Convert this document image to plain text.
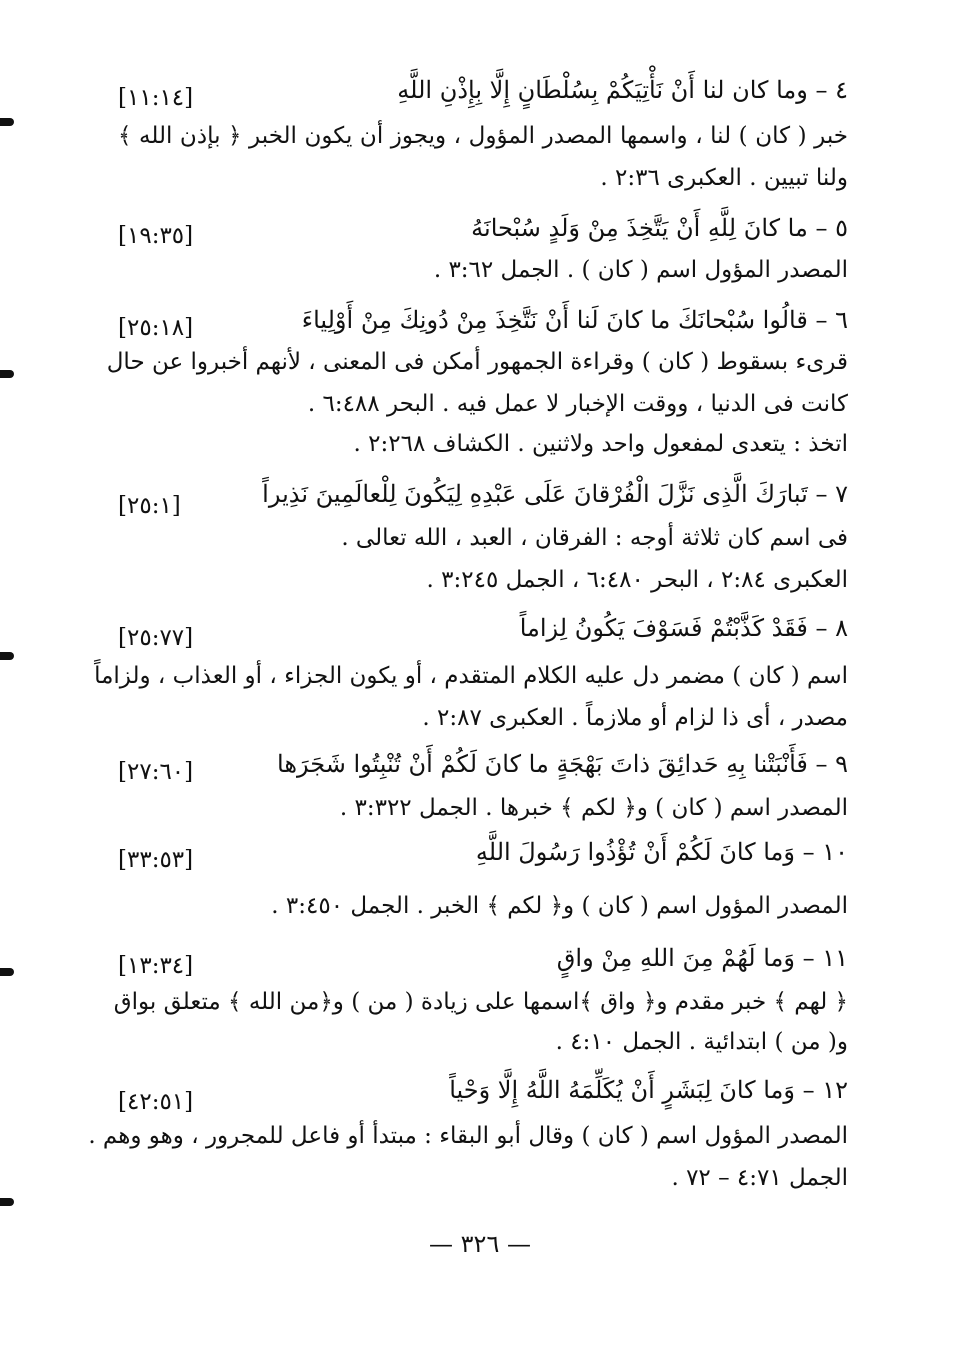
٤ – وما كان لنا أَنْ نَأْتِيَكُمْ بِسُلْطَانٍ إِلَّا بِإِذْنِ اللَّهِ
[١١:١٤]
خبر ( كان ) لنا ، واسمها المصدر المؤول ، ويجوز أن يكون الخبر ﴿ بإذن الله ﴾
ولنا تبيين . العكبرى ٢:٣٦ .
٥ – ما كانَ لِلَّهِ أَنْ يَتَّخِذَ مِنْ وَلَدٍ سُبْحانَهُ
[١٩:٣٥]
المصدر المؤول اسم ( كان ) . الجمل ٣:٦٢ .
٦ – قالُوا سُبْحانَكَ ما كانَ لَنا أَنْ نَتَّخِذَ مِنْ دُونِكَ مِنْ أَوْلِياءَ
[٢٥:١٨]
قرىء بسقوط ( كان ) وقراءة الجمهور أمكن فى المعنى ، لأنهم أخبروا عن حال
كانت فى الدنيا ، ووقت الإخبار لا عمل فيه . البحر ٦:٤٨٨ .
اتخذ : يتعدى لمفعول واحد ولاثنين . الكشاف ٢:٢٦٨ .
٧ – تَبارَكَ الَّذِى نَزَّلَ الْفُرْقانَ عَلَى عَبْدِهِ لِيَكُونَ لِلْعالَمِينَ نَذِيراً
[٢٥:١]
فى اسم كان ثلاثة أوجه : الفرقان ، العبد ، الله تعالى .
العكبرى ٢:٨٤ ، البحر ٦:٤٨٠ ، الجمل ٣:٢٤٥ .
٨ – فَقَدْ كَذَّبْتُمْ فَسَوْفَ يَكُونُ لِزاماً
[٢٥:٧٧]
اسم ( كان ) مضمر دل عليه الكلام المتقدم ، أو يكون الجزاء ، أو العذاب ، ولزاماً
مصدر ، أى ذا لزام أو ملازماً . العكبرى ٢:٨٧ .
٩ – فَأَنْبَتْنا بِهِ حَدائِقَ ذاتَ بَهْجَةٍ ما كانَ لَكُمْ أَنْ تُنْبِتُوا شَجَرَها
[٢٧:٦٠]
المصدر اسم ( كان ) و﴿ لكم ﴾ خبرها . الجمل ٣:٣٢٢ .
١٠ – وَما كانَ لَكُمْ أَنْ تُؤْذُوا رَسُولَ اللَّهِ
[٣٣:٥٣]
المصدر المؤول اسم ( كان ) و﴿ لكم ﴾ الخبر . الجمل ٣:٤٥٠ .
١١ – وَما لَهُمْ مِنَ اللهِ مِنْ واقٍ
[١٣:٣٤]
﴿ لهم ﴾ خبر مقدم و﴿ واق ﴾اسمها على زيادة ( من ) و﴿من الله ﴾ متعلق بواق
و( من ) ابتدائية . الجمل ٤:١٠ .
١٢ – وَما كانَ لِبَشَرٍ أَنْ يُكَلِّمَهُ اللَّهُ إِلَّا وَحْياً
[٤٢:٥١]
المصدر المؤول اسم ( كان ) وقال أبو البقاء : مبتدأ أو فاعل للمجرور ، وهو وهم .
الجمل ٤:٧١ – ٧٢ .
— ٣٢٦ —
